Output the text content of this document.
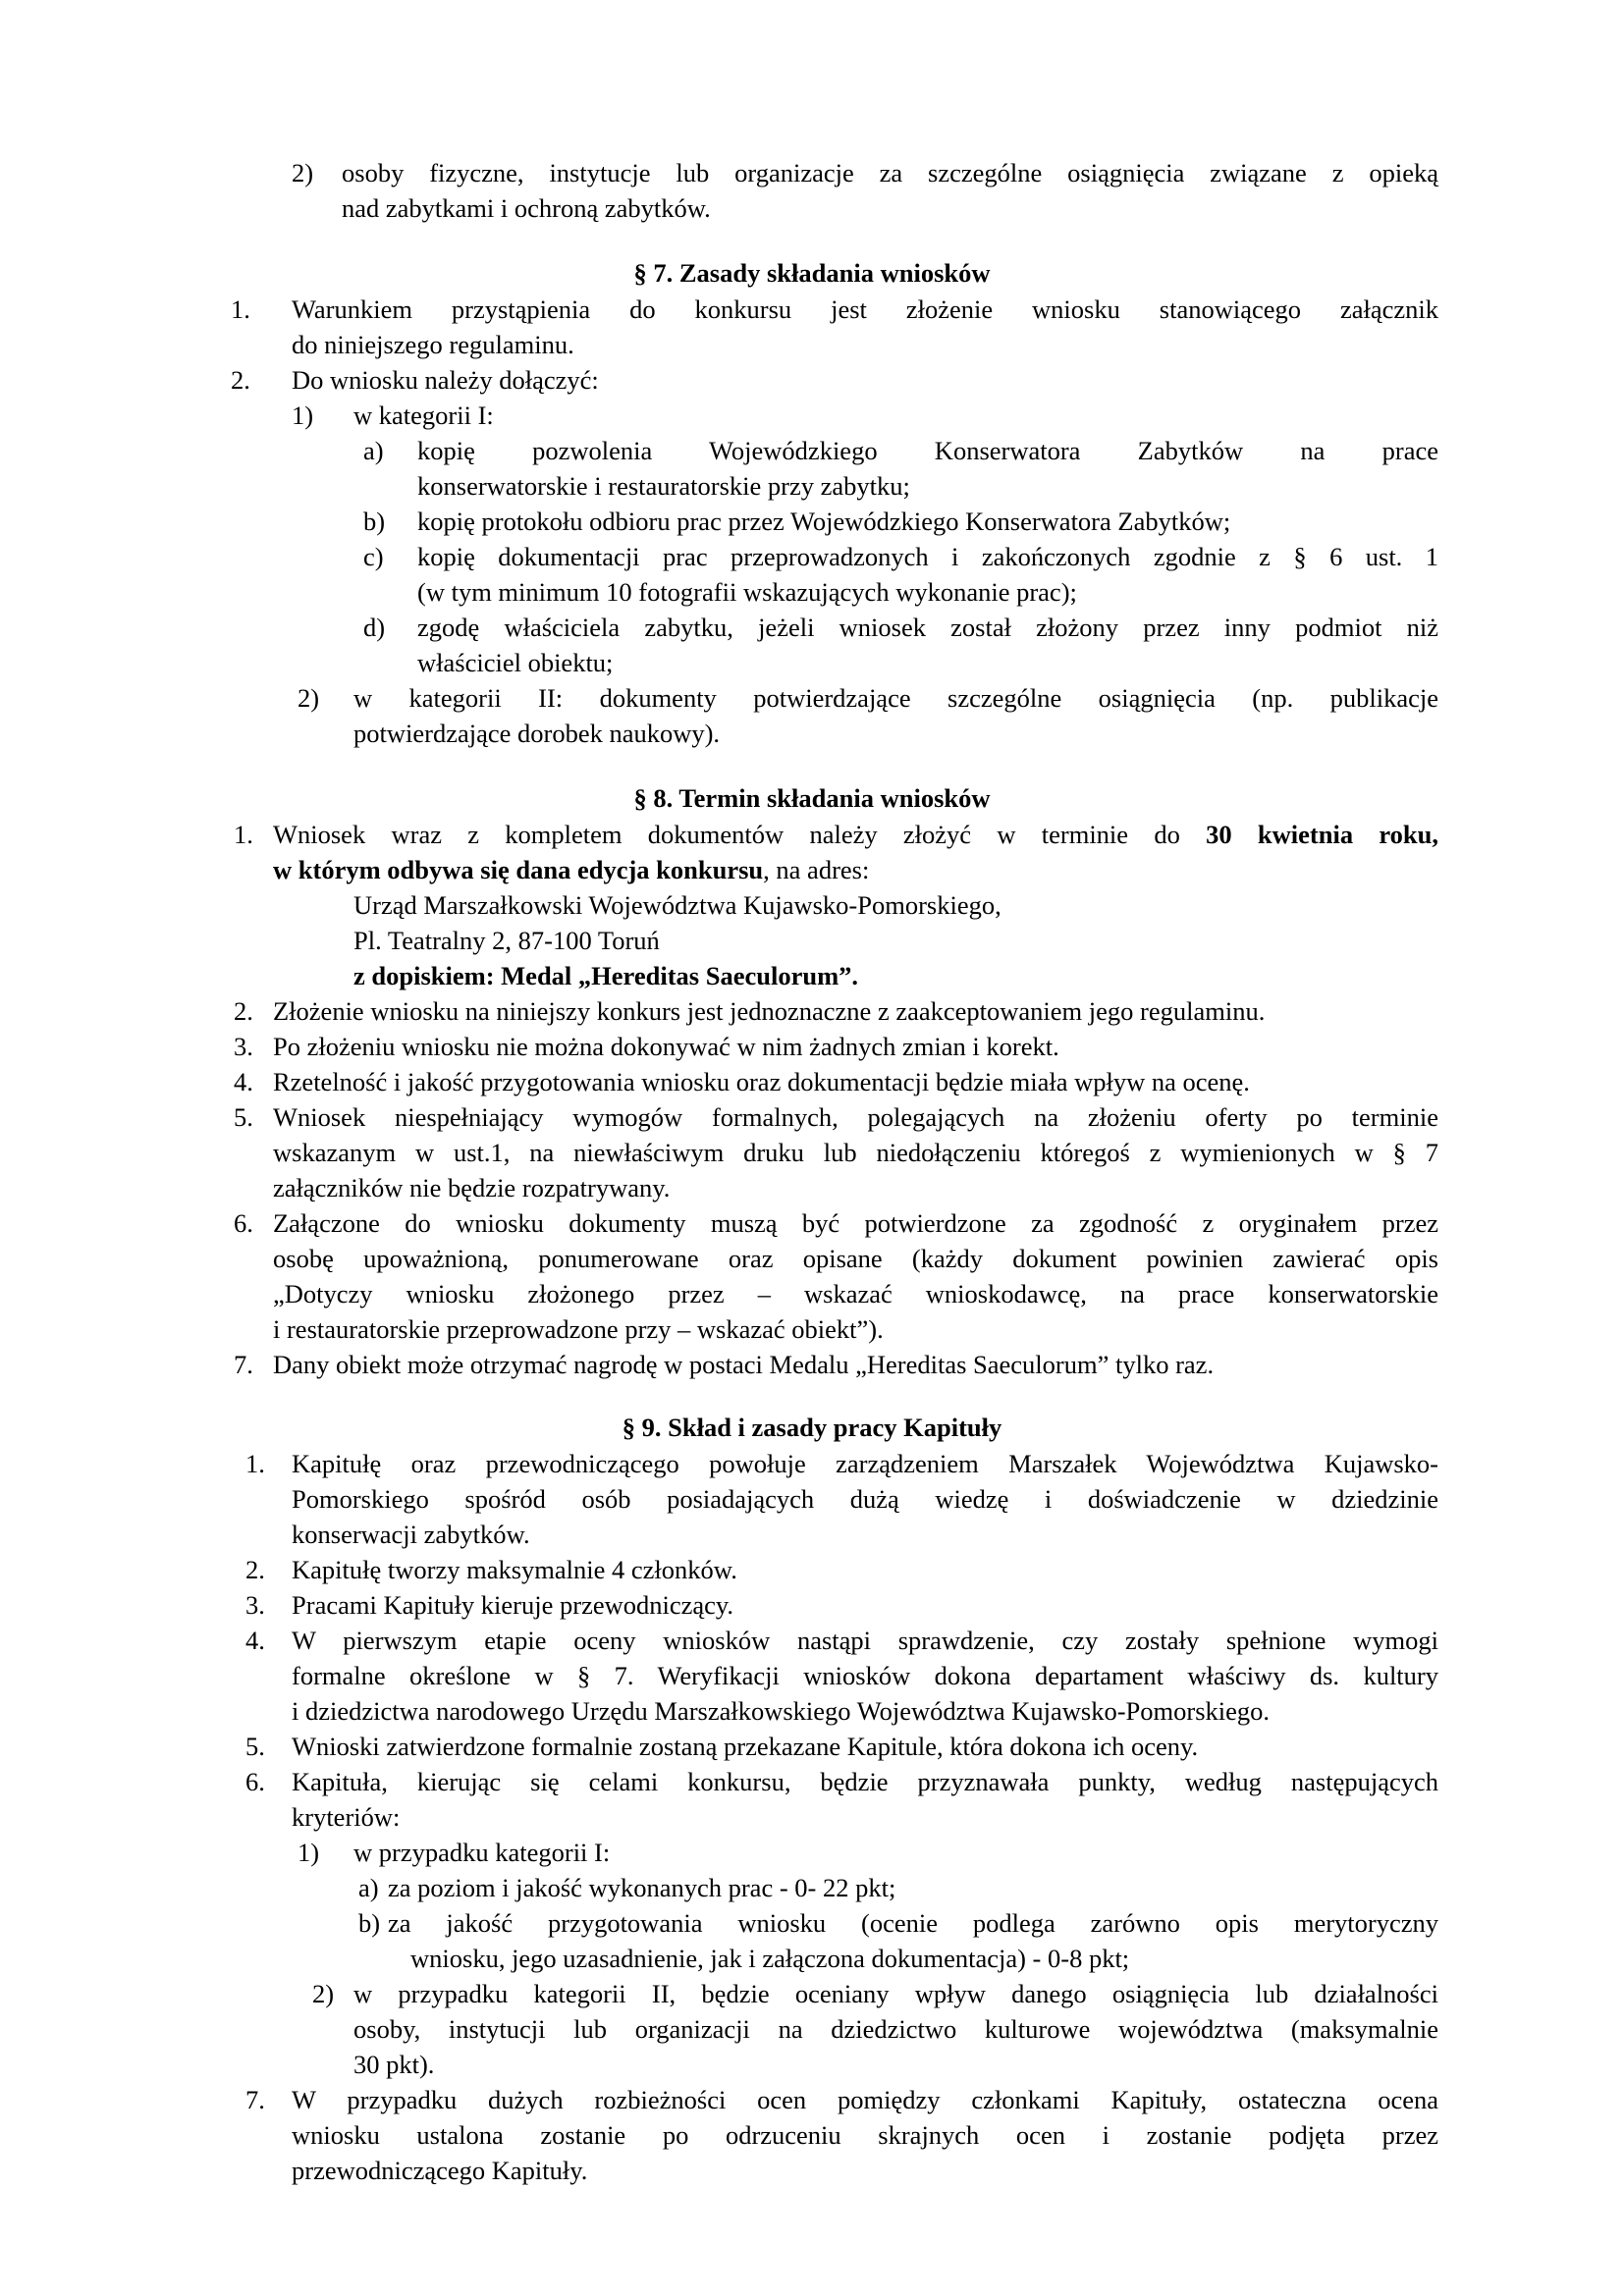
2) osoby fizyczne, instytucje lub organizacje za szczególne osiągnięcia związane z opieką
nad zabytkami i ochroną zabytków.
§ 7. Zasady składania wniosków
1. Warunkiem przystąpienia do konkursu jest złożenie wniosku stanowiącego załącznik
do niniejszego regulaminu.
2. Do wniosku należy dołączyć:
1) w kategorii I:
a) kopię pozwolenia Wojewódzkiego Konserwatora Zabytków na prace
konserwatorskie i restauratorskie przy zabytku;
b) kopię protokołu odbioru prac przez Wojewódzkiego Konserwatora Zabytków;
c) kopię dokumentacji prac przeprowadzonych i zakończonych zgodnie z § 6 ust. 1
(w tym minimum 10 fotografii wskazujących wykonanie prac);
d) zgodę właściciela zabytku, jeżeli wniosek został złożony przez inny podmiot niż
właściciel obiektu;
2) w kategorii II: dokumenty potwierdzające szczególne osiągnięcia (np. publikacje
potwierdzające dorobek naukowy).
§ 8. Termin składania wniosków
1. Wniosek wraz z kompletem dokumentów należy złożyć w terminie do 30 kwietnia roku,
w którym odbywa się dana edycja konkursu, na adres:
Urząd Marszałkowski Województwa Kujawsko-Pomorskiego,
Pl. Teatralny 2, 87-100 Toruń
z dopiskiem: Medal „Hereditas Saeculorum”.
2. Złożenie wniosku na niniejszy konkurs jest jednoznaczne z zaakceptowaniem jego regulaminu.
3. Po złożeniu wniosku nie można dokonywać w nim żadnych zmian i korekt.
4. Rzetelność i jakość przygotowania wniosku oraz dokumentacji będzie miała wpływ na ocenę.
5. Wniosek niespełniający wymogów formalnych, polegających na złożeniu oferty po terminie
wskazanym w ust.1, na niewłaściwym druku lub niedołączeniu któregoś z wymienionych w § 7
załączników nie będzie rozpatrywany.
6. Załączone do wniosku dokumenty muszą być potwierdzone za zgodność z oryginałem przez
osobę upoważnioną, ponumerowane oraz opisane (każdy dokument powinien zawierać opis
„Dotyczy wniosku złożonego przez – wskazać wnioskodawcę, na prace konserwatorskie
i restauratorskie przeprowadzone przy – wskazać obiekt”).
7. Dany obiekt może otrzymać nagrodę w postaci Medalu „Hereditas Saeculorum” tylko raz.
§ 9. Skład i zasady pracy Kapituły
1. Kapitułę oraz przewodniczącego powołuje zarządzeniem Marszałek Województwa Kujawsko-
Pomorskiego spośród osób posiadających dużą wiedzę i doświadczenie w dziedzinie
konserwacji zabytków.
2. Kapitułę tworzy maksymalnie 4 członków.
3. Pracami Kapituły kieruje przewodniczący.
4. W pierwszym etapie oceny wniosków nastąpi sprawdzenie, czy zostały spełnione wymogi
formalne określone w § 7. Weryfikacji wniosków dokona departament właściwy ds. kultury
i dziedzictwa narodowego Urzędu Marszałkowskiego Województwa Kujawsko-Pomorskiego.
5. Wnioski zatwierdzone formalnie zostaną przekazane Kapitule, która dokona ich oceny.
6. Kapituła, kierując się celami konkursu, będzie przyznawała punkty, według następujących
kryteriów:
1) w przypadku kategorii I:
a) za poziom i jakość wykonanych prac - 0- 22 pkt;
b) za jakość przygotowania wniosku (ocenie podlega zarówno opis merytoryczny
wniosku, jego uzasadnienie, jak i załączona dokumentacja) - 0-8 pkt;
2) w przypadku kategorii II, będzie oceniany wpływ danego osiągnięcia lub działalności
osoby, instytucji lub organizacji na dziedzictwo kulturowe województwa (maksymalnie
30 pkt).
7. W przypadku dużych rozbieżności ocen pomiędzy członkami Kapituły, ostateczna ocena
wniosku ustalona zostanie po odrzuceniu skrajnych ocen i zostanie podjęta przez
przewodniczącego Kapituły.
